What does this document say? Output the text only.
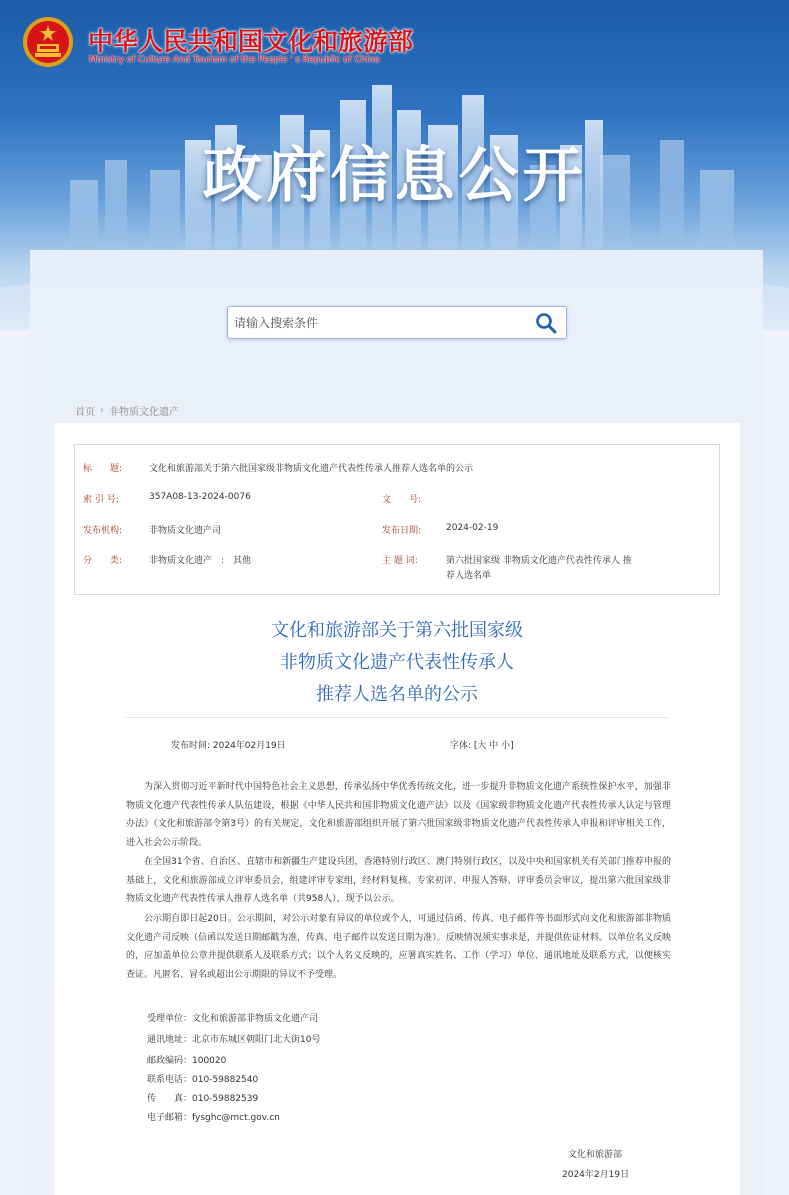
中华人民共和国文化和旅游部
Ministry of Culture And Tourism of the People ' s Republic of China
政府信息公开
请输入搜索条件
首页 › 非物质文化遗产
标　　题:	文化和旅游部关于第六批国家级非物质文化遗产代表性传承人推荐人选名单的公示
索 引 号:	357A08-13-2024-0076	文　　号:
发布机构:	非物质文化遗产司	发布日期:	2024-02-19
分　　类:	非物质文化遗产　:　其他	主 题 词:	第六批国家级 非物质文化遗产代表性传承人 推
荐人选名单
文化和旅游部关于第六批国家级
非物质文化遗产代表性传承人
推荐人选名单的公示
发布时间: 2024年02月19日	字体: [大 中 小]
为深入贯彻习近平新时代中国特色社会主义思想，传承弘扬中华优秀传统文化，进一步提升非物质文化遗产系统性保护水平，加强非物质文化遗产代表性传承人队伍建设，根据《中华人民共和国非物质文化遗产法》以及《国家级非物质文化遗产代表性传承人认定与管理办法》（文化和旅游部令第3号）的有关规定，文化和旅游部组织开展了第六批国家级非物质文化遗产代表性传承人申报和评审相关工作，进入社会公示阶段。
在全国31个省、自治区、直辖市和新疆生产建设兵团，香港特别行政区、澳门特别行政区，以及中央和国家机关有关部门推荐申报的基础上，文化和旅游部成立评审委员会，组建评审专家组，经材料复核、专家初评、申报人答辩、评审委员会审议，提出第六批国家级非物质文化遗产代表性传承人推荐人选名单（共958人），现予以公示。
公示期自即日起20日。公示期间，对公示对象有异议的单位或个人，可通过信函、传真、电子邮件等书面形式向文化和旅游部非物质文化遗产司反映（信函以发送日期邮戳为准，传真、电子邮件以发送日期为准）。反映情况须实事求是，并提供佐证材料。以单位名义反映的，应加盖单位公章并提供联系人及联系方式；以个人名义反映的，应署真实姓名、工作（学习）单位、通讯地址及联系方式，以便核实查证。凡匿名、冒名或超出公示期限的异议不予受理。
受理单位：文化和旅游部非物质文化遗产司
通讯地址：北京市东城区朝阳门北大街10号
邮政编码：100020
联系电话：010-59882540
传　　真：010-59882539
电子邮箱：fysghc@mct.gov.cn
文化和旅游部
2024年2月19日
